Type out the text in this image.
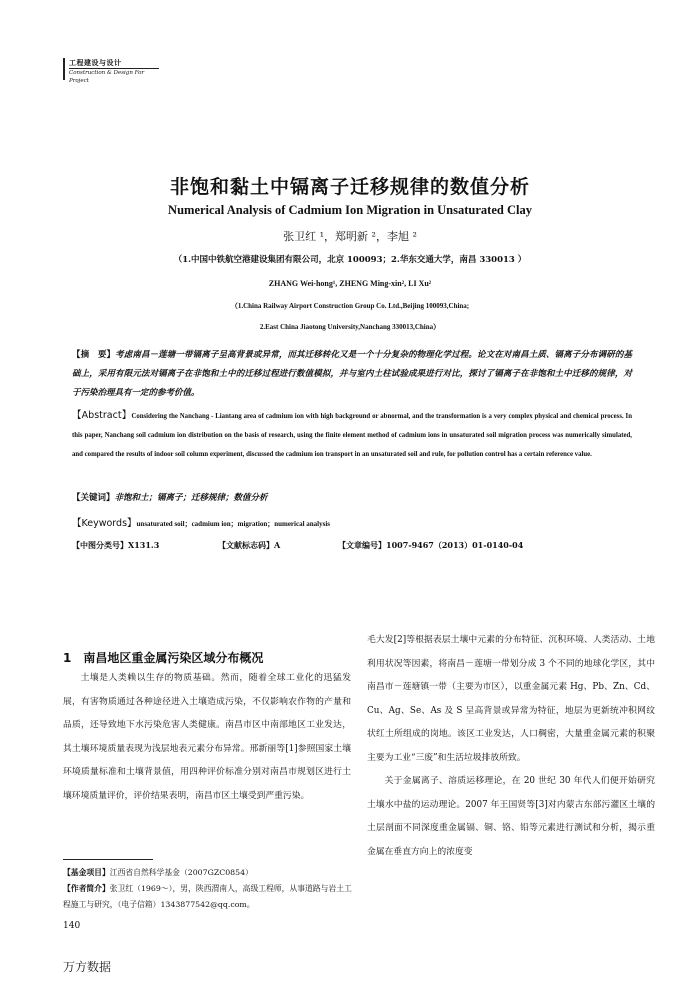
工程建设与设计
Construction & Design For Project
非饱和黏土中镉离子迁移规律的数值分析
Numerical Analysis of Cadmium Ion Migration in Unsaturated Clay
张卫红 ¹，郑明新 ²，李旭 ²
（1.中国中铁航空港建设集团有限公司，北京 100093；2.华东交通大学，南昌 330013 ）
ZHANG Wei-hong¹, ZHENG Ming-xin², LI Xu²
（1.China Railway Airport Construction Group Co. Ltd.,Beijing 100093,China;
2.East China Jiaotong University,Nanchang 330013,China）
【摘　要】考虑南昌－莲塘一带镉离子呈高背景或异常，而其迁移转化又是一个十分复杂的物理化学过程。论文在对南昌土质、镉离子分布调研的基础上，采用有限元法对镉离子在非饱和土中的迁移过程进行数值模拟，并与室内土柱试验成果进行对比，探讨了镉离子在非饱和土中迁移的规律，对于污染治理具有一定的参考价值。
【Abstract】Considering the Nanchang - Liantang area of cadmium ion with high background or abnormal, and the transformation is a very complex physical and chemical process. In this paper, Nanchang soil cadmium ion distribution on the basis of research, using the finite element method of cadmium ions in unsaturated soil migration process was numerically simulated, and compared the results of indoor soil column experiment, discussed the cadmium ion transport in an unsaturated soil and rule, for pollution control has a certain reference value.
【关键词】非饱和土；镉离子；迁移规律；数值分析
【Keywords】unsaturated soil；cadmium ion；migration；numerical analysis
【中图分类号】X131.3	【文献标志码】A	【文章编号】1007-9467（2013）01-0140-04
1　南昌地区重金属污染区域分布概况
土壤是人类赖以生存的物质基础。然而，随着全球工业化的迅猛发展，有害物质通过各种途径进入土壤造成污染，不仅影响农作物的产量和品质，还导致地下水污染危害人类健康。南昌市区中南部地区工业发达，其土壤环境质量表现为浅层地表元素分布异常。邢新丽等[1]参照国家土壤环境质量标准和土壤背景值，用四种评价标准分别对南昌市规划区进行土壤环境质量评价，评价结果表明，南昌市区土壤受到严重污染。

毛大发[2]等根据表层土壤中元素的分布特征、沉积环境、人类活动、土地利用状况等因素，将南昌－莲塘一带划分成 3 个不同的地球化学区，其中南昌市－莲塘镇一带（主要为市区），以重金属元素 Hg、Pb、Zn、Cd、Cu、Ag、Se、As 及 S 呈高背景或异常为特征，地层为更新统冲积网纹状红土所组成的岗地。该区工业发达，人口稠密，大量重金属元素的积聚主要为工业“三废”和生活垃圾排放所致。

关于金属离子、溶质运移理论，在 20 世纪 30 年代人们便开始研究土壤水中盐的运动理论。2007 年王国贤等[3]对内蒙古东部污灌区土壤的土层剖面不同深度重金属镉、铜、铬、铅等元素进行测试和分析，揭示重金属在垂直方向上的浓度变

【基金项目】江西省自然科学基金（2007GZC0854）
【作者简介】张卫红（1969～），男，陕西渭南人，高级工程师，从事道路与岩土工程施工与研究，（电子信箱）1343877542@qq.com。
140
万方数据
